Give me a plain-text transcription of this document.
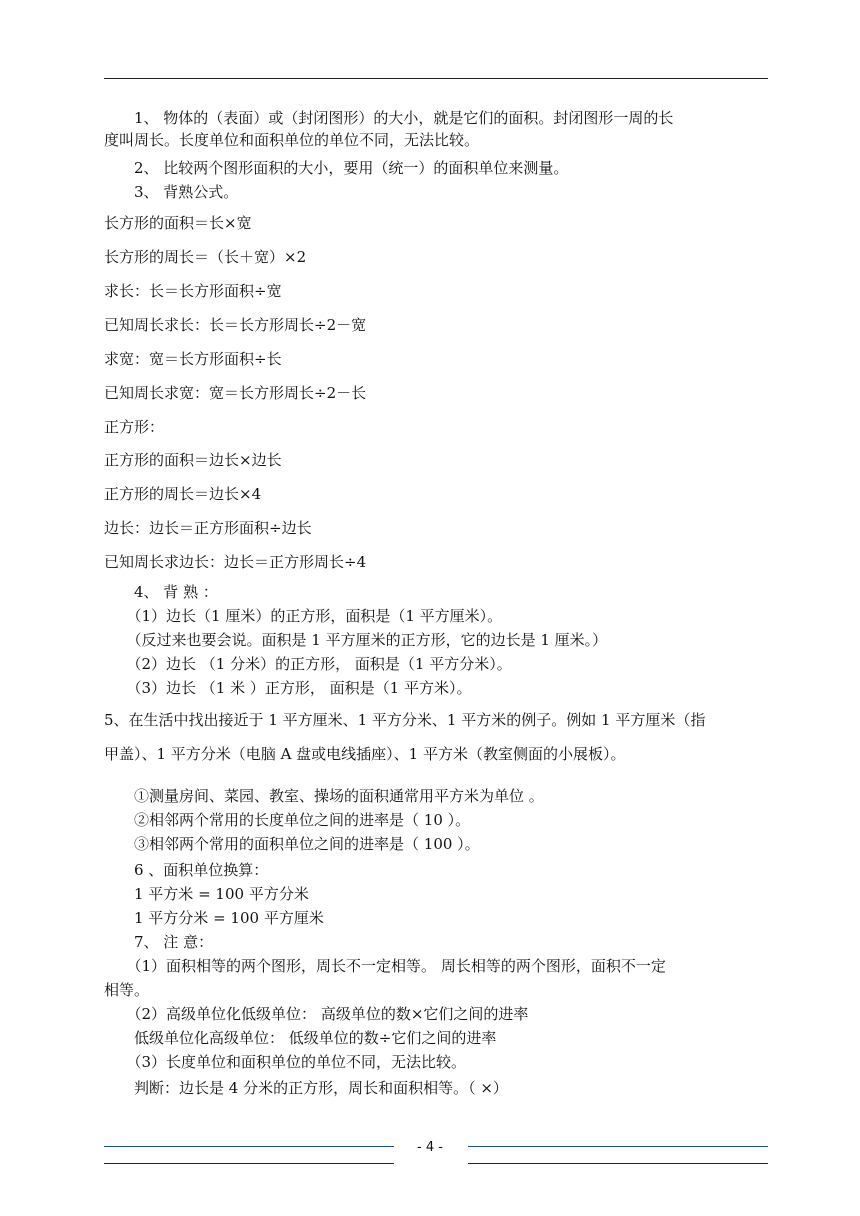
　　1、 物体的（表面）或（封闭图形）的大小，就是它们的面积。封闭图形一周的长
度叫周长。长度单位和面积单位的单位不同，无法比较。
　　2、 比较两个图形面积的大小，要用（统一）的面积单位来测量。
　　3、 背熟公式。
长方形的面积＝长×宽
长方形的周长＝（长＋宽）×2
求长：长＝长方形面积÷宽
已知周长求长：长＝长方形周长÷2－宽
求宽：宽＝长方形面积÷长
已知周长求宽：宽＝长方形周长÷2－长
正方形：
正方形的面积＝边长×边长
正方形的周长＝边长×4
边长：边长＝正方形面积÷边长
已知周长求边长：边长＝正方形周长÷4
　　4、 背 熟 ：
　　（1）边长（1 厘米）的正方形，面积是（1 平方厘米）。
　　（反过来也要会说。面积是 1 平方厘米的正方形，它的边长是 1 厘米。）
　　（2）边长 （1 分米）的正方形， 面积是（1 平方分米）。
　　（3）边长 （1 米 ）正方形， 面积是（1 平方米）。
5、在生活中找出接近于 1 平方厘米、1 平方分米、1 平方米的例子。例如 1 平方厘米（指
甲盖）、1 平方分米（电脑 A 盘或电线插座）、1 平方米（教室侧面的小展板）。
　　①测量房间、菜园、教室、操场的面积通常用平方米为单位 。
　　②相邻两个常用的长度单位之间的进率是（ 10 ）。
　　③相邻两个常用的面积单位之间的进率是（ 100 ）。
　　6 、面积单位换算：
　　1 平方米 = 100 平方分米
　　1 平方分米 = 100 平方厘米
　　7、 注 意：
　　（1）面积相等的两个图形，周长不一定相等。 周长相等的两个图形，面积不一定
相等。
　　（2）高级单位化低级单位： 高级单位的数×它们之间的进率
　　低级单位化高级单位： 低级单位的数÷它们之间的进率
　　（3）长度单位和面积单位的单位不同，无法比较。
　　判断：边长是 4 分米的正方形，周长和面积相等。（ ×）
- 4 -
